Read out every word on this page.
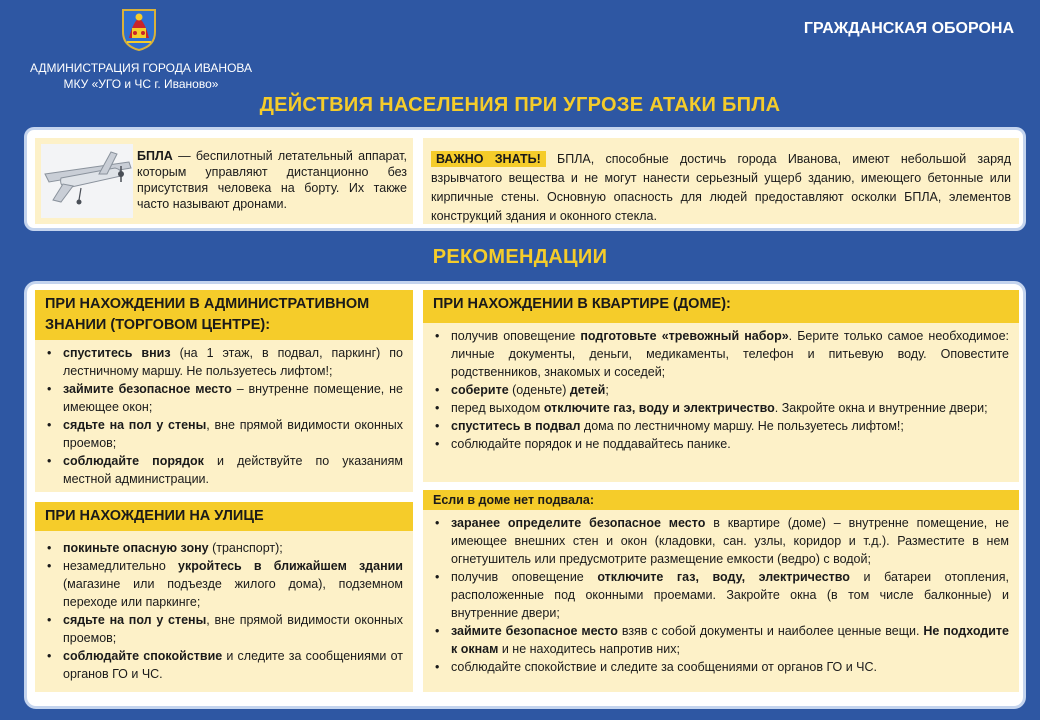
АДМИНИСТРАЦИЯ ГОРОДА ИВАНОВА
МКУ «УГО и ЧС г. Иваново»
ГРАЖДАНСКАЯ ОБОРОНА
ДЕЙСТВИЯ НАСЕЛЕНИЯ ПРИ УГРОЗЕ АТАКИ БПЛА
БПЛА — беспилотный летательный аппарат, которым управляют дистанционно без присутствия человека на борту. Их также часто называют дронами.
ВАЖНО ЗНАТЬ! БПЛА, способные достичь города Иванова, имеют небольшой заряд взрывчатого вещества и не могут нанести серьезный ущерб зданию, имеющего бетонные или кирпичные стены. Основную опасность для людей предоставляют осколки БПЛА, элементов конструкций здания и оконного стекла.
РЕКОМЕНДАЦИИ
ПРИ НАХОЖДЕНИИ В АДМИНИСТРАТИВНОМ ЗНАНИИ (ТОРГОВОМ ЦЕНТРЕ):
• спуститесь вниз (на 1 этаж, в подвал, паркинг) по лестничному маршу. Не пользуетесь лифтом!;
• займите безопасное место – внутренне помещение, не имеющее окон;
• сядьте на пол у стены, вне прямой видимости оконных проемов;
• соблюдайте порядок и действуйте по указаниям местной администрации.
ПРИ НАХОЖДЕНИИ НА УЛИЦЕ
• покиньте опасную зону (транспорт);
• незамедлительно укройтесь в ближайшем здании (магазине или подъезде жилого дома), подземном переходе или паркинге;
• сядьте на пол у стены, вне прямой видимости оконных проемов;
• соблюдайте спокойствие и следите за сообщениями от органов ГО и ЧС.
ПРИ НАХОЖДЕНИИ В КВАРТИРЕ (ДОМЕ):
• получив оповещение подготовьте «тревожный набор». Берите только самое необходимое: личные документы, деньги, медикаменты, телефон и питьевую воду. Оповестите родственников, знакомых и соседей;
• соберите (оденьте) детей;
• перед выходом отключите газ, воду и электричество. Закройте окна и внутренние двери;
• спуститесь в подвал дома по лестничному маршу. Не пользуетесь лифтом!;
• соблюдайте порядок и не поддавайтесь панике.
Если в доме нет подвала:
• заранее определите безопасное место в квартире (доме) – внутренне помещение, не имеющее внешних стен и окон (кладовки, сан. узлы, коридор и т.д.). Разместите в нем огнетушитель или предусмотрите размещение емкости (ведро) с водой;
• получив оповещение отключите газ, воду, электричество и батареи отопления, расположенные под оконными проемами. Закройте окна (в том числе балконные) и внутренние двери;
• займите безопасное место взяв с собой документы и наиболее ценные вещи. Не подходите к окнам и не находитесь напротив них;
• соблюдайте спокойствие и следите за сообщениями от органов ГО и ЧС.
